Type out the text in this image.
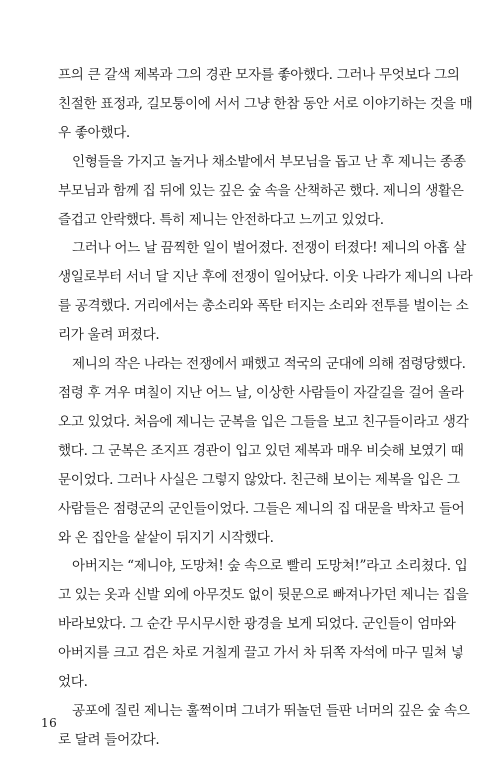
프의 큰 갈색 제복과 그의 경관 모자를 좋아했다. 그러나 무엇보다 그의
친절한 표정과, 길모퉁이에 서서 그냥 한참 동안 서로 이야기하는 것을 매
우 좋아했다.

인형들을 가지고 놀거나 채소밭에서 부모님을 돕고 난 후 제니는 종종
부모님과 함께 집 뒤에 있는 깊은 숲 속을 산책하곤 했다. 제니의 생활은
즐겁고 안락했다. 특히 제니는 안전하다고 느끼고 있었다.

그러나 어느 날 끔찍한 일이 벌어졌다. 전쟁이 터졌다! 제니의 아홉 살
생일로부터 서너 달 지난 후에 전쟁이 일어났다. 이웃 나라가 제니의 나라
를 공격했다. 거리에서는 총소리와 폭탄 터지는 소리와 전투를 벌이는 소
리가 울려 퍼졌다.

제니의 작은 나라는 전쟁에서 패했고 적국의 군대에 의해 점령당했다.
점령 후 겨우 며칠이 지난 어느 날, 이상한 사람들이 자갈길을 걸어 올라
오고 있었다. 처음에 제니는 군복을 입은 그들을 보고 친구들이라고 생각
했다. 그 군복은 조지프 경관이 입고 있던 제복과 매우 비슷해 보였기 때
문이었다. 그러나 사실은 그렇지 않았다. 친근해 보이는 제복을 입은 그
사람들은 점령군의 군인들이었다. 그들은 제니의 집 대문을 박차고 들어
와 온 집안을 샅샅이 뒤지기 시작했다.

아버지는 “제니야, 도망쳐! 숲 속으로 빨리 도망쳐!”라고 소리쳤다. 입
고 있는 옷과 신발 외에 아무것도 없이 뒷문으로 빠져나가던 제니는 집을
바라보았다. 그 순간 무시무시한 광경을 보게 되었다. 군인들이 엄마와
아버지를 크고 검은 차로 거칠게 끌고 가서 차 뒤쪽 자석에 마구 밀쳐 넣
었다.

공포에 질린 제니는 훌쩍이며 그녀가 뛰놀던 들판 너머의 깊은 숲 속으
로 달려 들어갔다.

16
